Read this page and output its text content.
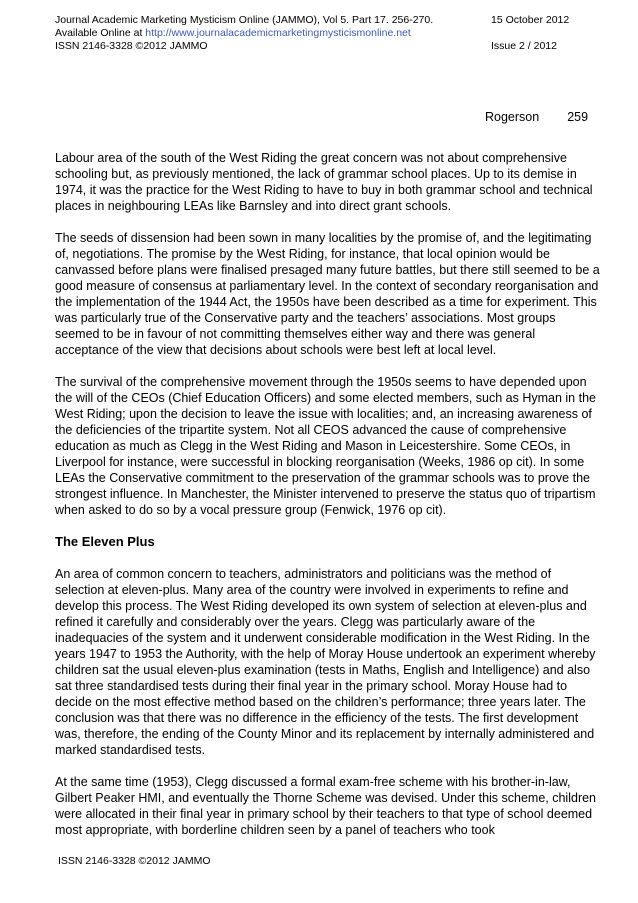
Journal Academic Marketing Mysticism Online (JAMMO), Vol 5. Part 17. 256-270.	15 October 2012
Available Online at http://www.journalacademicmarketingmysticismonline.net
ISSN 2146-3328 ©2012 JAMMO	Issue 2 / 2012
Rogerson 259

Labour area of the south of the West Riding the great concern was not about comprehensive schooling but, as previously mentioned, the lack of grammar school places. Up to its demise in 1974, it was the practice for the West Riding to have to buy in both grammar school and technical places in neighbouring LEAs like Barnsley and into direct grant schools.

The seeds of dissension had been sown in many localities by the promise of, and the legitimating of, negotiations. The promise by the West Riding, for instance, that local opinion would be canvassed before plans were finalised presaged many future battles, but there still seemed to be a good measure of consensus at parliamentary level. In the context of secondary reorganisation and the implementation of the 1944 Act, the 1950s have been described as a time for experiment. This was particularly true of the Conservative party and the teachers’ associations. Most groups seemed to be in favour of not committing themselves either way and there was general acceptance of the view that decisions about schools were best left at local level.

The survival of the comprehensive movement through the 1950s seems to have depended upon the will of the CEOs (Chief Education Officers) and some elected members, such as Hyman in the West Riding; upon the decision to leave the issue with localities; and, an increasing awareness of the deficiencies of the tripartite system. Not all CEOS advanced the cause of comprehensive education as much as Clegg in the West Riding and Mason in Leicestershire. Some CEOs, in Liverpool for instance, were successful in blocking reorganisation (Weeks, 1986 op cit). In some LEAs the Conservative commitment to the preservation of the grammar schools was to prove the strongest influence. In Manchester, the Minister intervened to preserve the status quo of tripartism when asked to do so by a vocal pressure group (Fenwick, 1976 op cit).

The Eleven Plus

An area of common concern to teachers, administrators and politicians was the method of selection at eleven-plus. Many area of the country were involved in experiments to refine and develop this process. The West Riding developed its own system of selection at eleven-plus and refined it carefully and considerably over the years. Clegg was particularly aware of the inadequacies of the system and it underwent considerable modification in the West Riding. In the years 1947 to 1953 the Authority, with the help of Moray House undertook an experiment whereby children sat the usual eleven-plus examination (tests in Maths, English and Intelligence) and also sat three standardised tests during their final year in the primary school. Moray House had to decide on the most effective method based on the children’s performance; three years later. The conclusion was that there was no difference in the efficiency of the tests. The first development was, therefore, the ending of the County Minor and its replacement by internally administered and marked standardised tests.

At the same time (1953), Clegg discussed a formal exam-free scheme with his brother-in-law, Gilbert Peaker HMI, and eventually the Thorne Scheme was devised. Under this scheme, children were allocated in their final year in primary school by their teachers to that type of school deemed most appropriate, with borderline children seen by a panel of teachers who took

ISSN 2146-3328 ©2012 JAMMO
